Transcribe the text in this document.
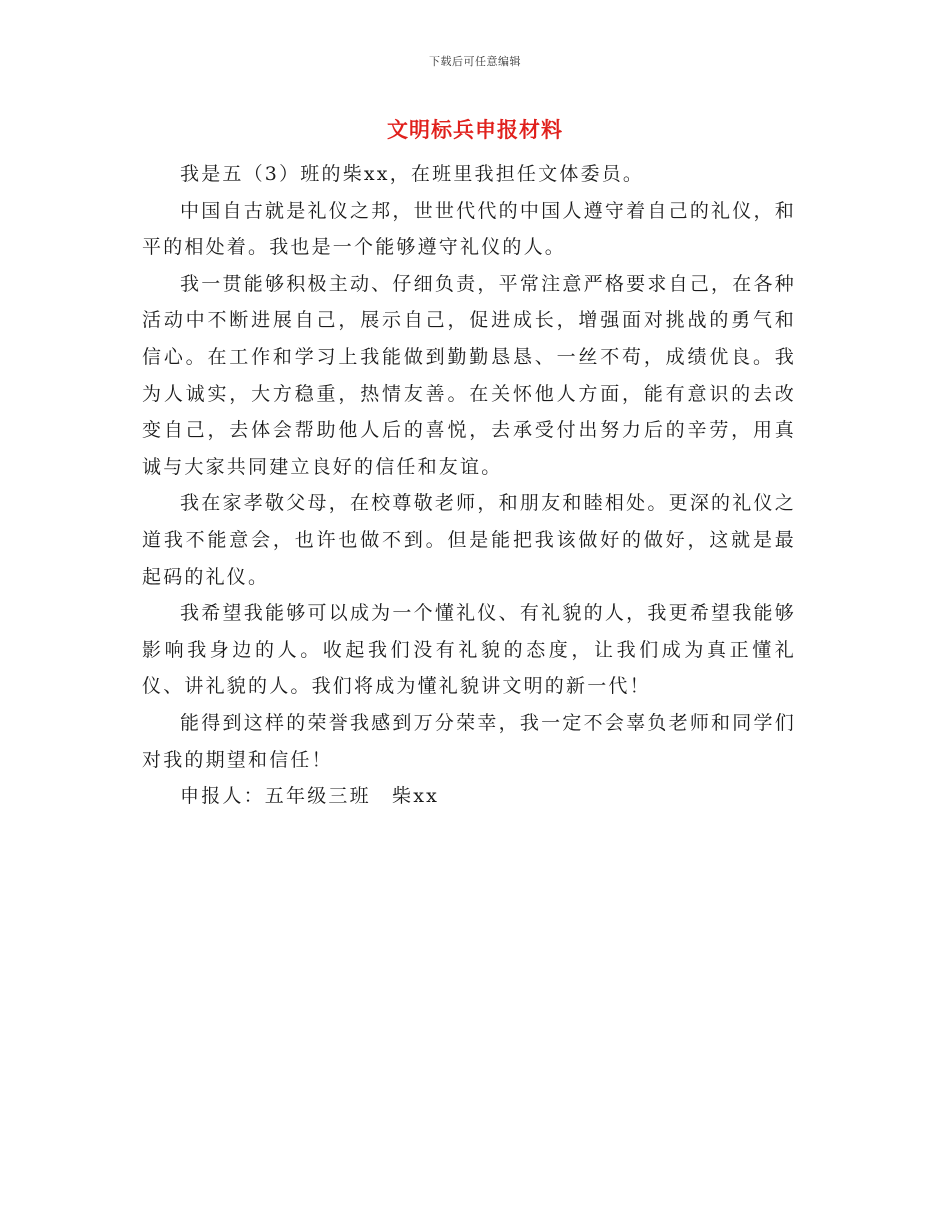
下载后可任意编辑
文明标兵申报材料

我是五（3）班的柴xx，在班里我担任文体委员。

中国自古就是礼仪之邦，世世代代的中国人遵守着自己的礼仪，和平的相处着。我也是一个能够遵守礼仪的人。

我一贯能够积极主动、仔细负责，平常注意严格要求自己，在各种活动中不断进展自己，展示自己，促进成长，增强面对挑战的勇气和信心。在工作和学习上我能做到勤勤恳恳、一丝不苟，成绩优良。我为人诚实，大方稳重，热情友善。在关怀他人方面，能有意识的去改变自己，去体会帮助他人后的喜悦，去承受付出努力后的辛劳，用真诚与大家共同建立良好的信任和友谊。

我在家孝敬父母，在校尊敬老师，和朋友和睦相处。更深的礼仪之道我不能意会，也许也做不到。但是能把我该做好的做好，这就是最起码的礼仪。

我希望我能够可以成为一个懂礼仪、有礼貌的人，我更希望我能够影响我身边的人。收起我们没有礼貌的态度，让我们成为真正懂礼仪、讲礼貌的人。我们将成为懂礼貌讲文明的新一代！

能得到这样的荣誉我感到万分荣幸，我一定不会辜负老师和同学们对我的期望和信任！

申报人：五年级三班　柴xx
